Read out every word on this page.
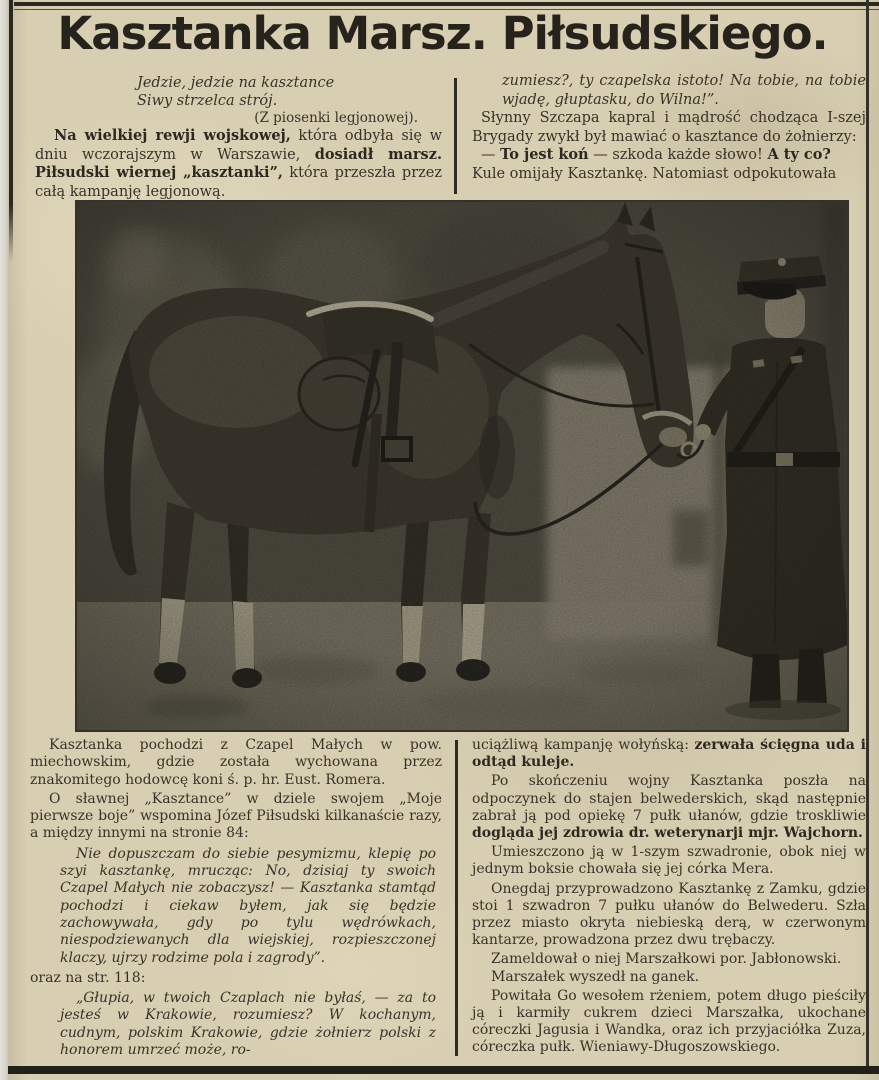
Kasztanka Marsz. Piłsudskiego.
Jedzie, jedzie na kasztance
Siwy strzelca strój.
(Z piosenki legjonowej).

Na wielkiej rewji wojskowej, która odbyła się w dniu wczorajszym w Warszawie, dosiadł marsz. Piłsudski wiernej „kasztanki”, która przeszła przez całą kampanję legjonową.

zumiesz?, ty czapelska istoto! Na tobie, na tobie wjadę, głuptasku, do Wilna!”.

Słynny Szczapa kapral i mądrość chodząca I-szej Brygady zwykł był mawiać o kasztance do żołnierzy:

— To jest koń — szkoda każde słowo! A ty co?

Kule omijały Kasztankę. Natomiast odpokutowała

Kasztanka pochodzi z Czapel Małych w pow. miechowskim, gdzie została wychowana przez znakomitego hodowcę koni ś. p. hr. Eust. Romera.

O sławnej „Kasztance” w dziele swojem „Moje pierwsze boje” wspomina Józef Piłsudski kilkanaście razy, a między innymi na stronie 84:

Nie dopuszczam do siebie pesymizmu, klepię po szyi kasztankę, mrucząc: No, dzisiaj ty swoich Czapel Małych nie zobaczysz! — Kasztanka stamtąd pochodzi i ciekaw byłem, jak się będzie zachowywała, gdy po tylu wędrówkach, niespodziewanych dla wiejskiej, rozpieszczonej klaczy, ujrzy rodzime pola i zagrody”.

oraz na str. 118:

„Głupia, w twoich Czaplach nie byłaś, — za to jesteś w Krakowie, rozumiesz? W kochanym, cudnym, polskim Krakowie, gdzie żołnierz polski z honorem umrzeć może, ro-

uciążliwą kampanję wołyńską: zerwała ścięgna uda i odtąd kuleje.

Po skończeniu wojny Kasztanka poszła na odpoczynek do stajen belwederskich, skąd następnie zabrał ją pod opiekę 7 pułk ułanów, gdzie troskliwie dogląda jej zdrowia dr. weterynarji mjr. Wajchorn.

Umieszczono ją w 1-szym szwadronie, obok niej w jednym boksie chowała się jej córka Mera.

Onegdaj przyprowadzono Kasztankę z Zamku, gdzie stoi 1 szwadron 7 pułku ułanów do Belwederu. Szła przez miasto okryta niebieską derą, w czerwonym kantarze, prowadzona przez dwu trębaczy.

Zameldował o niej Marszałkowi por. Jabłonowski.

Marszałek wyszedł na ganek.

Powitała Go wesołem rżeniem, potem długo pieściły ją i karmiły cukrem dzieci Marszałka, ukochane córeczki Jagusia i Wandka, oraz ich przyjaciółka Zuza, córeczka pułk. Wieniawy-Długoszowskiego.
